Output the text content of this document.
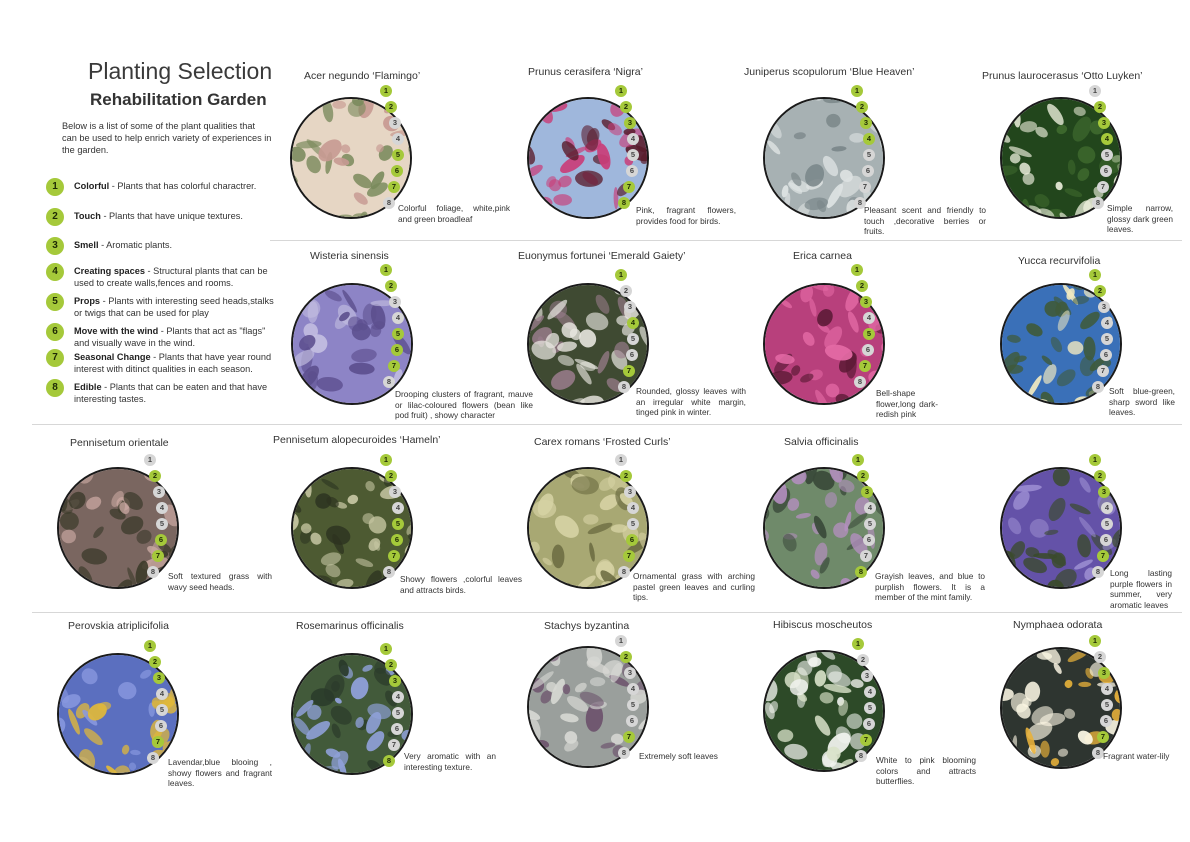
Planting Selection
Rehabilitation Garden
Below is a list of some of the plant qualities that can be used to help enrich variety of experiences in the garden.
1	Colorful - Plants that has colorful charactrer.
2	Touch - Plants that have unique textures.
3	Smell - Aromatic plants.
4	Creating spaces - Structural plants that can be used to create walls,fences and rooms.
5	Props - Plants with interesting seed heads,stalks or twigs that can be used for play
6	Move with the wind - Plants that act as "flags" and visually wave in the wind.
7	Seasonal Change - Plants that have year round interest with ditinct qualities in each season.
8	Edible - Plants that can be eaten and that have interesting tastes.
Acer negundo ‘Flamingo’
1
2
3
4
5
6
7
8
Colorful foliage, white,pink and green broadleaf
Prunus cerasifera ‘Nigra’
1
2
3
4
5
6
7
8
Pink, fragrant flowers, provides food for birds.
Juniperus scopulorum ‘Blue Heaven’
1
2
3
4
5
6
7
8
Pleasant scent and friendly to touch ,decorative berries or fruits.
Prunus laurocerasus ‘Otto Luyken’
1
2
3
4
5
6
7
8
Simple narrow, glossy dark green leaves.
Wisteria sinensis
1
2
3
4
5
6
7
8
Drooping clusters of fragrant, mauve or lilac-coloured flowers (bean like pod fruit) , showy character
Euonymus fortunei ‘Emerald Gaiety’
1
2
3
4
5
6
7
8	Rounded, glossy leaves with an irregular white margin, tinged pink in winter.
Erica carnea
1
2
3
4
5
6
7
8
Bell-shape flower,long dark-redish pink
Yucca recurvifolia
1
2
3
4
5
6
7
8	Soft blue-green, sharp sword like leaves.
Pennisetum orientale
1
2
3
4
5
6
7
8	Soft textured grass with wavy seed heads.
Pennisetum alopecuroides ‘Hameln’
1
2
3
4
5
6
7
8
Showy flowers ,colorful leaves and attracts birds.
Carex romans ‘Frosted Curls’
1
2
3
4
5
6
7
8 Ornamental grass with arching pastel green leaves and curling tips.
Salvia officinalis
1
2
3
4
5
6
7
8	Grayish leaves, and blue to purplish flowers. It is a member of the mint family.
1
2
3
4
5
6
7
8	Long lasting purple flowers in summer, very aromatic leaves
Perovskia atriplicifolia
1
2
3
4
5
6
7
8	Lavendar,blue blooing , showy flowers and fragrant leaves.
Rosemarinus officinalis
1
2
3
4
5
6
7
8	Very aromatic with an interesting texture.
Stachys byzantina
1
2
3
4
5
6
7
8	Extremely soft leaves
Hibiscus moscheutos
1
2
3
4
5
6
7
8	White to pink blooming colors and attracts butterflies.
Nymphaea odorata
1
2
3
4
5
6
7
8 Fragrant water-lily
